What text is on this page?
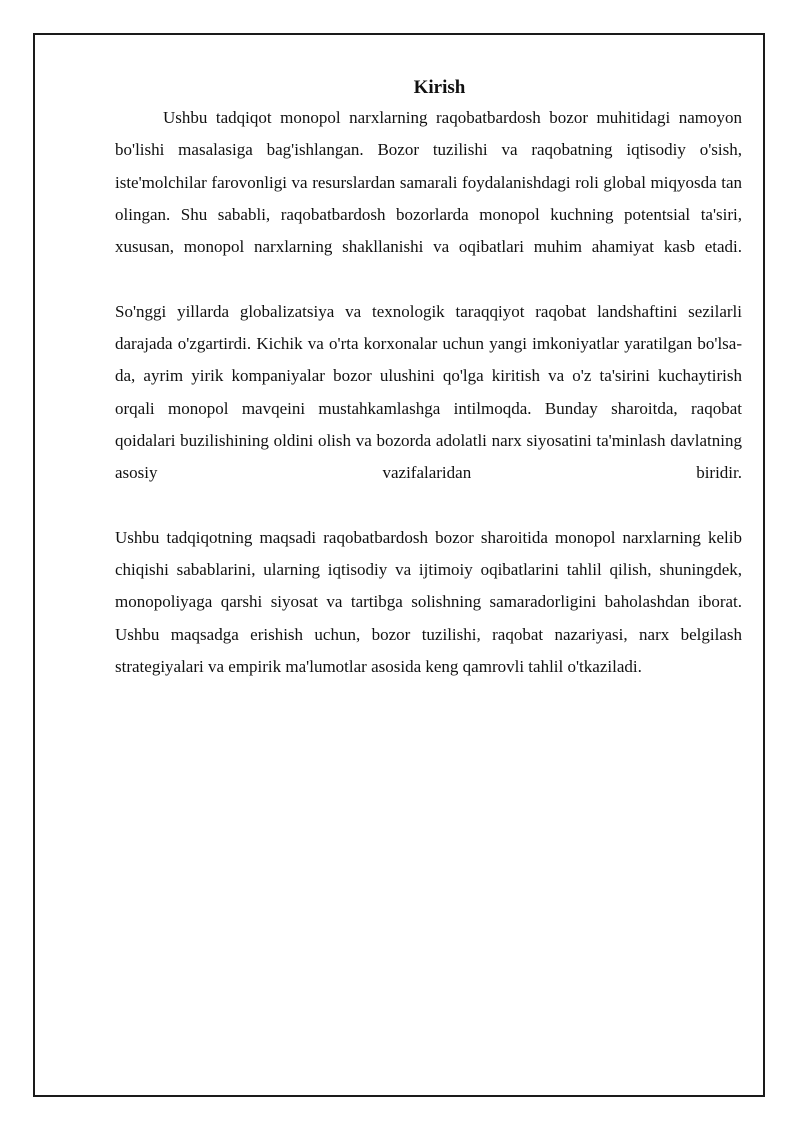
Kirish

Ushbu tadqiqot monopol narxlarning raqobatbardosh bozor muhitidagi namoyon bo'lishi masalasiga bag'ishlangan. Bozor tuzilishi va raqobatning iqtisodiy o'sish, iste'molchilar farovonligi va resurslardan samarali foydalanishdagi roli global miqyosda tan olingan. Shu sababli, raqobatbardosh bozorlarda monopol kuchning potentsial ta'siri, xususan, monopol narxlarning shakllanishi va oqibatlari muhim ahamiyat kasb etadi.

So'nggi yillarda globalizatsiya va texnologik taraqqiyot raqobat landshaftini sezilarli darajada o'zgartirdi. Kichik va o'rta korxonalar uchun yangi imkoniyatlar yaratilgan bo'lsa-da, ayrim yirik kompaniyalar bozor ulushini qo'lga kiritish va o'z ta'sirini kuchaytirish orqali monopol mavqeini mustahkamlashga intilmoqda. Bunday sharoitda, raqobat qoidalari buzilishining oldini olish va bozorda adolatli narx siyosatini ta'minlash davlatning asosiy vazifalaridan biridir.

Ushbu tadqiqotning maqsadi raqobatbardosh bozor sharoitida monopol narxlarning kelib chiqishi sabablarini, ularning iqtisodiy va ijtimoiy oqibatlarini tahlil qilish, shuningdek, monopoliyaga qarshi siyosat va tartibga solishning samaradorligini baholashdan iborat. Ushbu maqsadga erishish uchun, bozor tuzilishi, raqobat nazariyasi, narx belgilash strategiyalari va empirik ma'lumotlar asosida keng qamrovli tahlil o'tkaziladi.
